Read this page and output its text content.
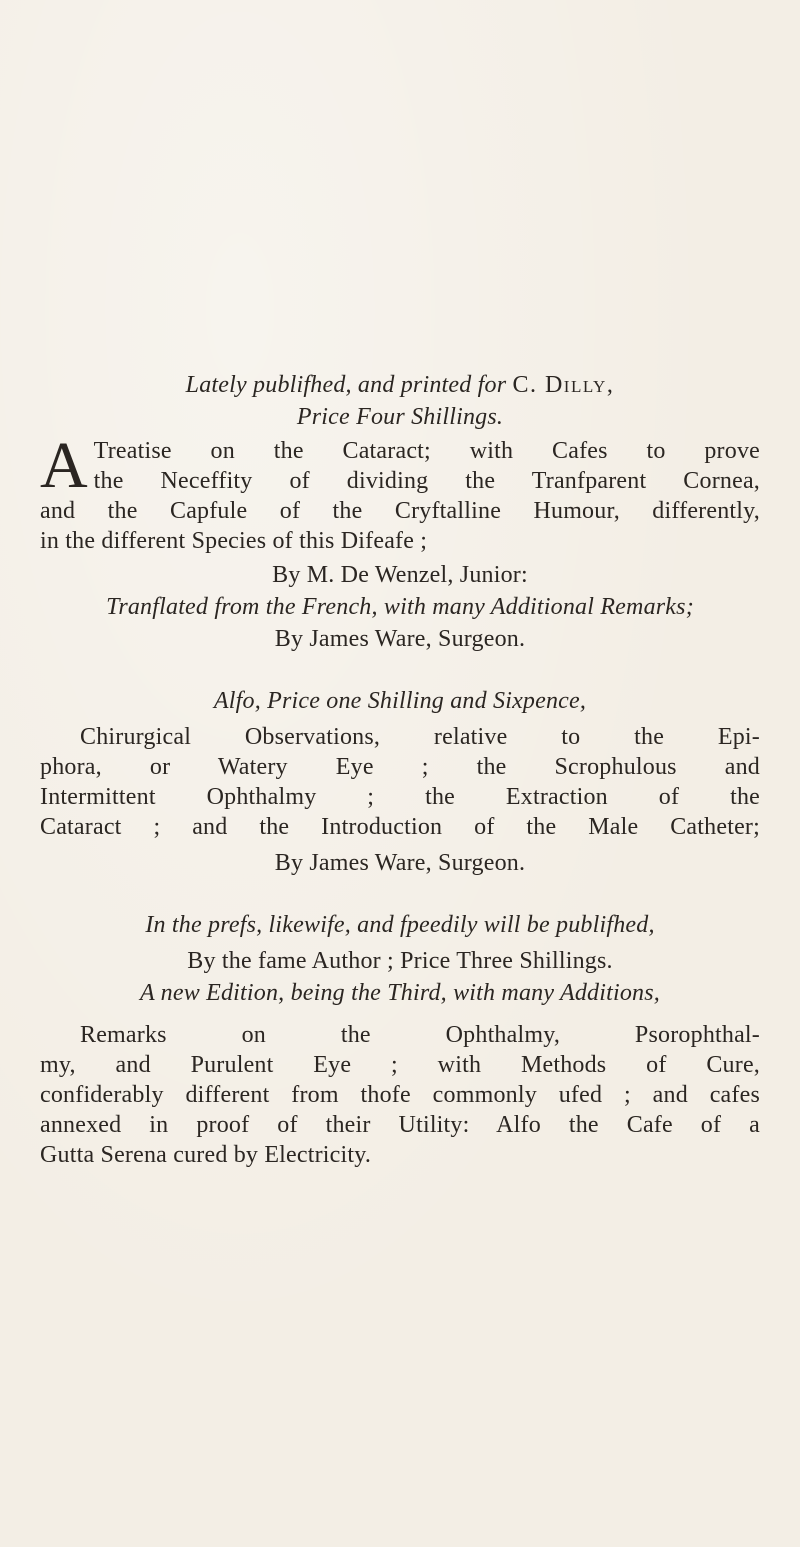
Lately publifhed, and printed for C. Dilly,
Price Four Shillings.
A Treatise on the Cataract; with Cafes to prove
the Neceffity of dividing the Tranfparent Cornea,
and the Capfule of the Cryftalline Humour, differently,
in the different Species of this Difeafe ;
By M. De Wenzel, Junior:
Tranflated from the French, with many Additional Remarks;
By James Ware, Surgeon.
Alfo, Price one Shilling and Sixpence,
Chirurgical Observations, relative to the Epi-
phora, or Watery Eye ; the Scrophulous and
Intermittent Ophthalmy ; the Extraction of the
Cataract ; and the Introduction of the Male Catheter;
By James Ware, Surgeon.
In the prefs, likewife, and fpeedily will be publifhed,
By the fame Author ; Price Three Shillings.
A new Edition, being the Third, with many Additions,
Remarks on the Ophthalmy, Psorophthal-
my, and Purulent Eye ; with Methods of Cure,
confiderably different from thofe commonly ufed ; and cafes
annexed in proof of their Utility: Alfo the Cafe of a
Gutta Serena cured by Electricity.
